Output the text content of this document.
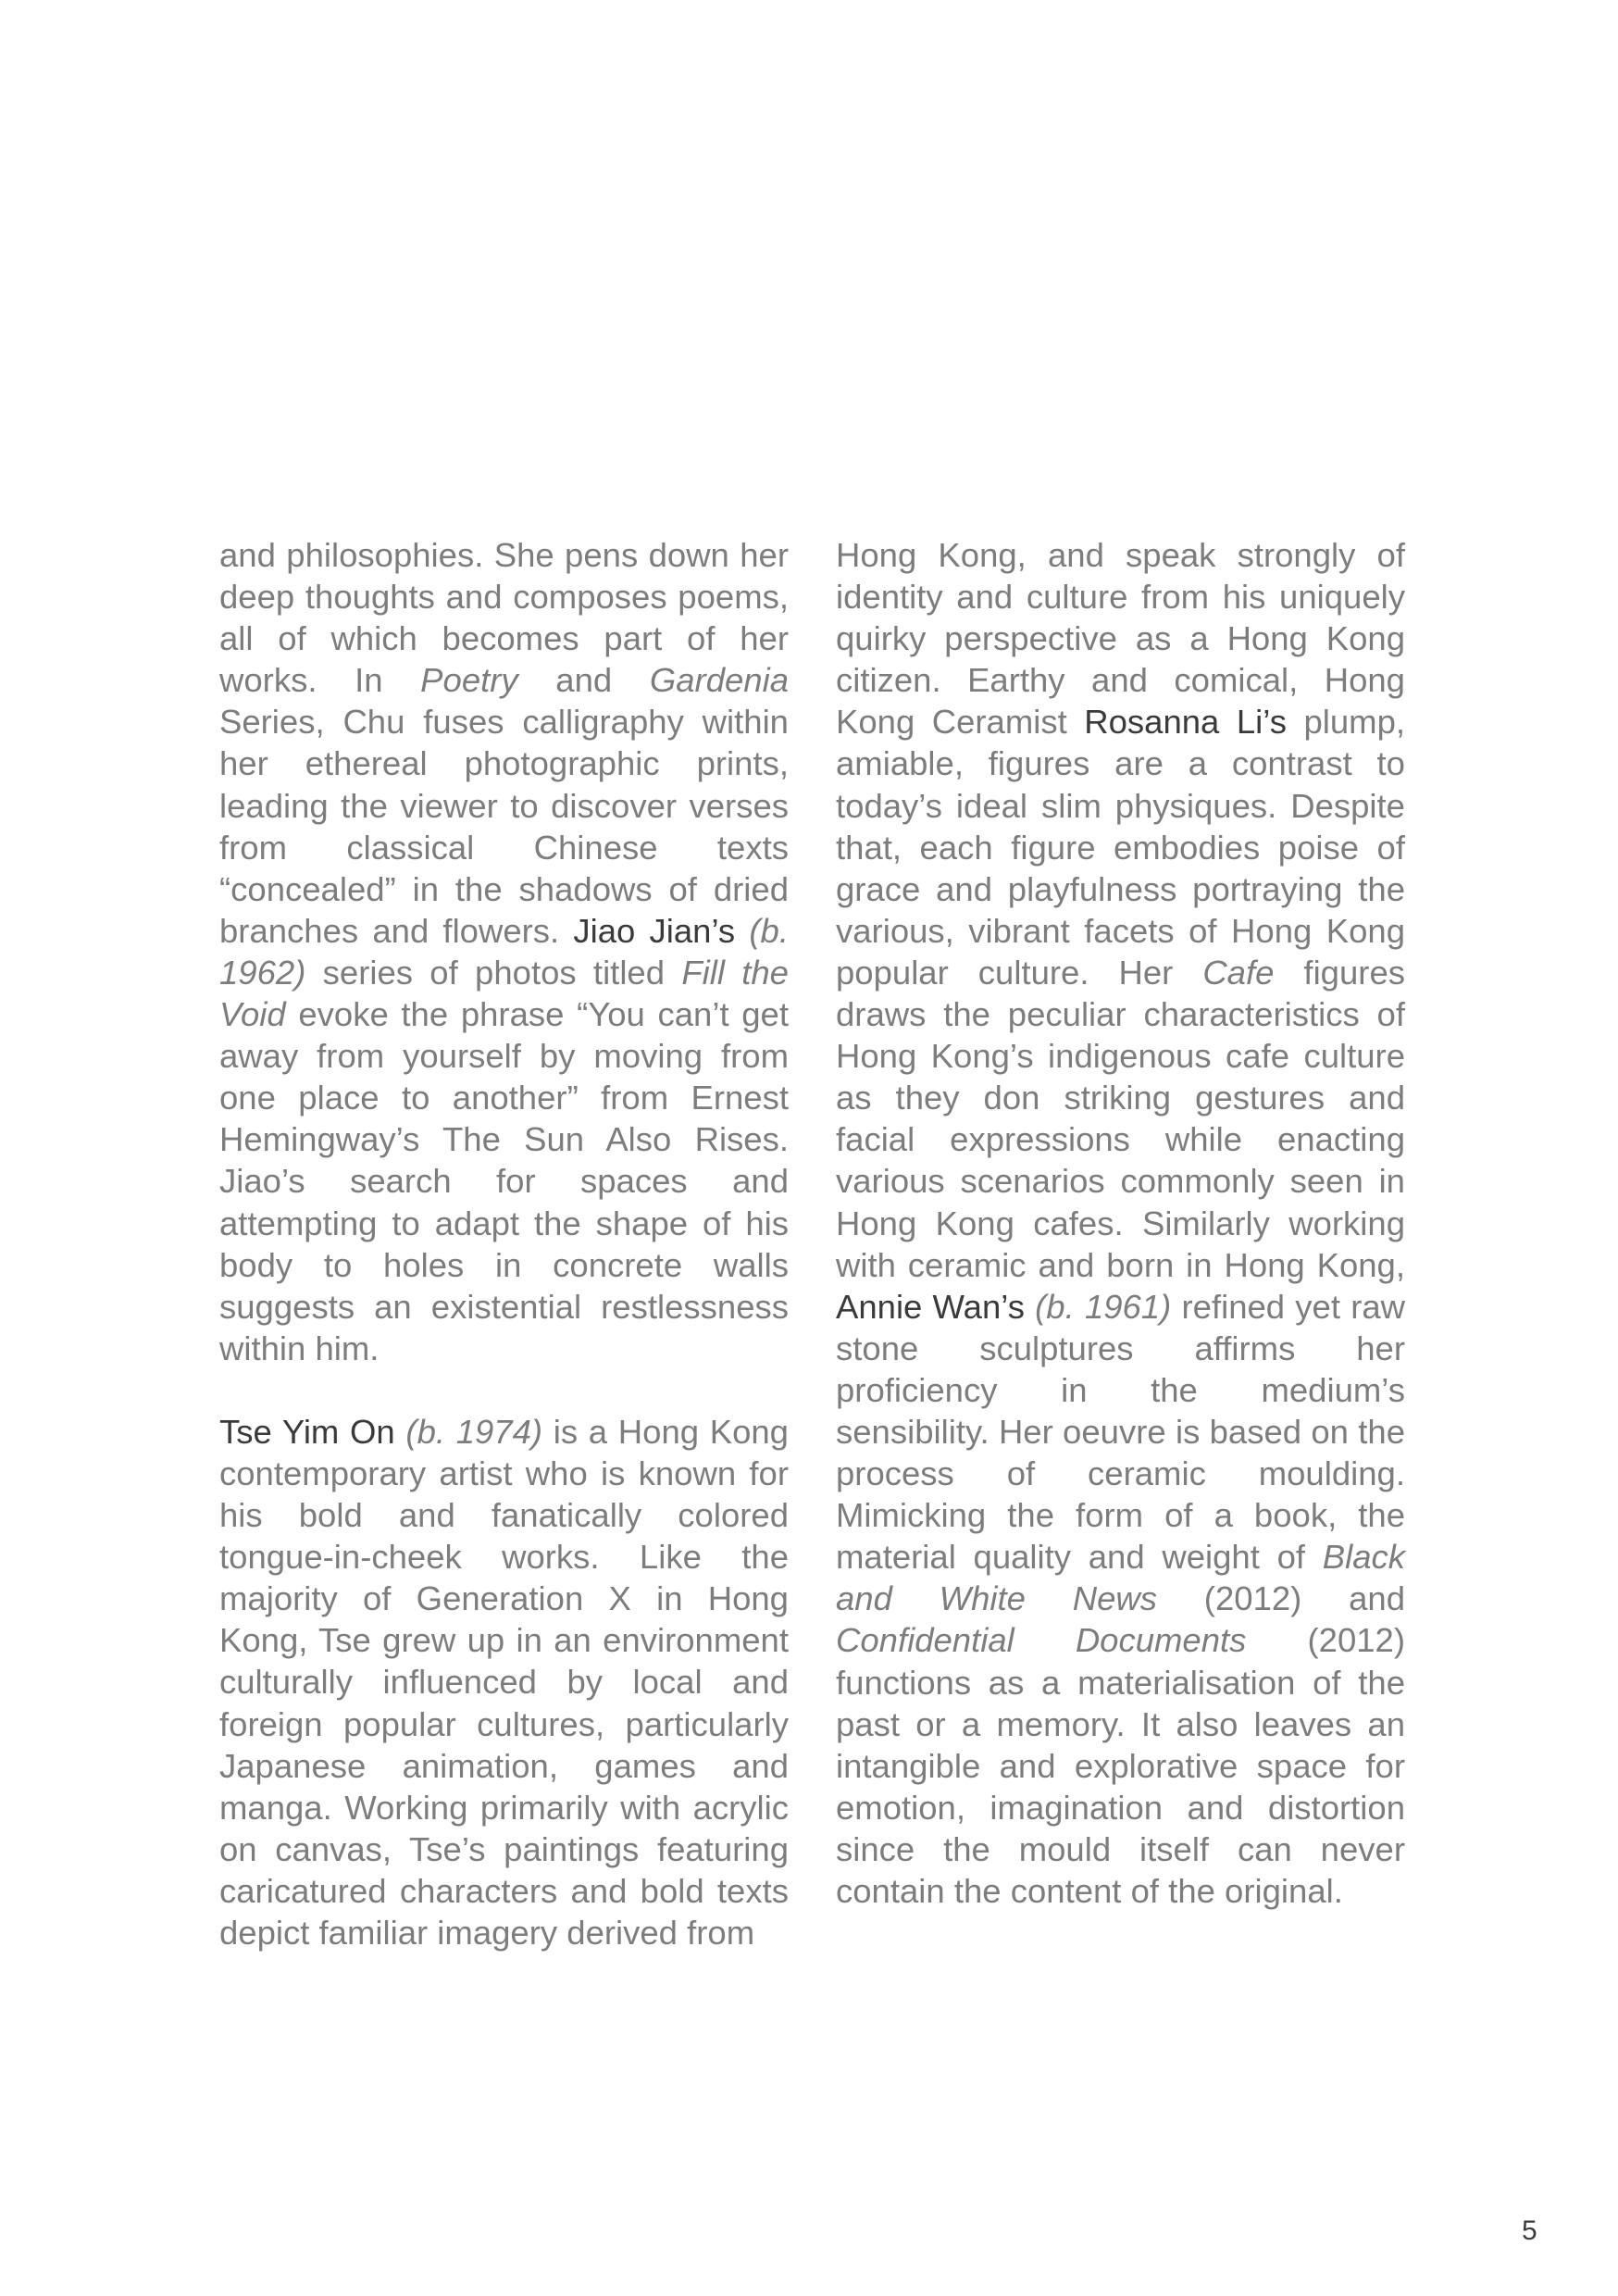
and philosophies. She pens down her deep thoughts and composes poems, all of which becomes part of her works. In Poetry and Gardenia Series, Chu fuses calligraphy within her ethereal photographic prints, leading the viewer to discover verses from classical Chinese texts “concealed” in the shadows of dried branches and flowers. Jiao Jian’s (b. 1962) series of photos titled Fill the Void evoke the phrase “You can’t get away from yourself by moving from one place to another” from Ernest Hemingway’s The Sun Also Rises. Jiao’s search for spaces and attempting to adapt the shape of his body to holes in concrete walls suggests an existential restlessness within him.

Tse Yim On (b. 1974) is a Hong Kong contemporary artist who is known for his bold and fanatically colored tongue-in-cheek works. Like the majority of Generation X in Hong Kong, Tse grew up in an environment culturally influenced by local and foreign popular cultures, particularly Japanese animation, games and manga. Working primarily with acrylic on canvas, Tse’s paintings featuring caricatured characters and bold texts depict familiar imagery derived from

Hong Kong, and speak strongly of identity and culture from his uniquely quirky perspective as a Hong Kong citizen. Earthy and comical, Hong Kong Ceramist Rosanna Li’s plump, amiable, figures are a contrast to today’s ideal slim physiques. Despite that, each figure embodies poise of grace and playfulness portraying the various, vibrant facets of Hong Kong popular culture. Her Cafe figures draws the peculiar characteristics of Hong Kong’s indigenous cafe culture as they don striking gestures and facial expressions while enacting various scenarios commonly seen in Hong Kong cafes. Similarly working with ceramic and born in Hong Kong, Annie Wan’s (b. 1961) refined yet raw stone sculptures affirms her proficiency in the medium’s sensibility. Her oeuvre is based on the process of ceramic moulding. Mimicking the form of a book, the material quality and weight of Black and White News (2012) and Confidential Documents (2012) functions as a materialisation of the past or a memory. It also leaves an intangible and explorative space for emotion, imagination and distortion since the mould itself can never contain the content of the original.

5
